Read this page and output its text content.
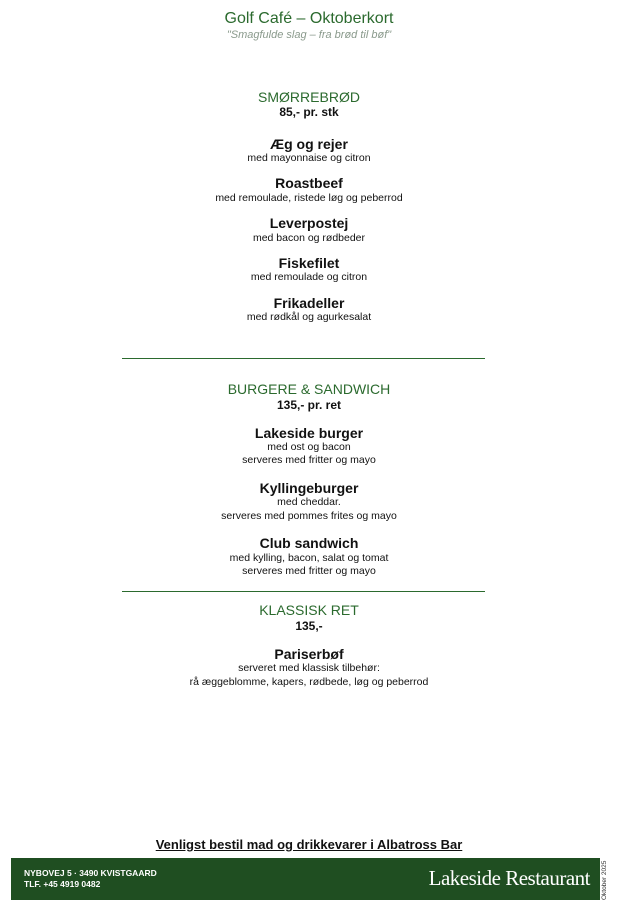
Golf Café – Oktoberkort
"Smagfulde slag – fra brød til bøf"
SMØRREBRØD
85,- pr. stk
Æg og rejer
med mayonnaise og citron
Roastbeef
med remoulade, ristede løg og peberrod
Leverpostej
med bacon og rødbeder
Fiskefilet
med remoulade og citron
Frikadeller
med rødkål og agurkesalat
BURGERE & SANDWICH
135,- pr. ret
Lakeside burger
med ost og bacon
serveres med fritter og mayo
Kyllingeburger
med cheddar.
serveres med pommes frites og mayo
Club sandwich
med kylling, bacon, salat og tomat
serveres med fritter og mayo
KLASSISK RET
135,-
Pariserbøf
serveret med klassisk tilbehør:
rå æggeblomme, kapers, rødbede, løg og peberrod
Venligst bestil mad og drikkevarer i Albatross Bar
NYBOVEJ 5 · 3490 KVISTGAARD
TLF. +45 4919 0482	Lakeside Restaurant Oktober 2025
